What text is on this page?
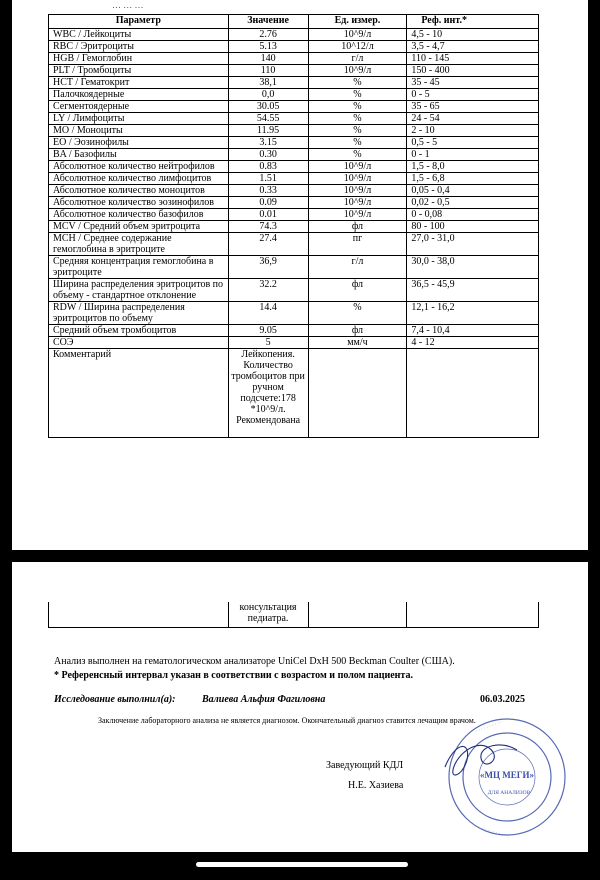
… … …
Параметр	Значение	Ед. измер.	Реф. инт.*
WBC / Лейкоциты	2.76	10^9/л	4,5 - 10
RBC / Эритроциты	5.13	10^12/л	3,5 - 4,7
HGB / Гемоглобин	140	г/л	110 - 145
PLT / Тромбоциты	110	10^9/л	150 - 400
HCT / Гематокрит	38,1	%	35 - 45
Палочкоядерные	0,0	%	0 - 5
Сегментоядерные	30.05	%	35 - 65
LY / Лимфоциты	54.55	%	24 - 54
MO / Моноциты	11.95	%	2 - 10
EO / Эозинофилы	3.15	%	0,5 - 5
BA / Базофилы	0.30	%	0 - 1
Абсолютное количество нейтрофилов	0.83	10^9/л	1,5 - 8,0
Абсолютное количество лимфоцитов	1.51	10^9/л	1,5 - 6,8
Абсолютное количество моноцитов	0.33	10^9/л	0,05 - 0,4
Абсолютное количество эозинофилов	0.09	10^9/л	0,02 - 0,5
Абсолютное количество базофилов	0.01	10^9/л	0 - 0,08
MCV / Средний объем эритроцита	74.3	фл	80 - 100
MCH / Среднее содержание гемоглобина в эритроците	27.4	пг	27,0 - 31,0
Средняя концентрация гемоглобина в эритроците	36,9	г/л	30,0 - 38,0
Ширина распределения эритроцитов по объему - стандартное отклонение	32.2	фл	36,5 - 45,9
RDW / Ширина распределения эритроцитов по объему	14.4	%	12,1 - 16,2
Средний объем тромбоцитов	9.05	фл	7,4 - 10,4
СОЭ	5	мм/ч	4 - 12
Комментарий	Лейкопения. Количество тромбоцитов при ручном подсчете:178 *10^9/л. Рекомендована		
	консультация педиатра.		
Анализ выполнен на гематологическом анализаторе UniCel DxH 500 Beckman Coulter (США).
* Референсный интервал указан в соответствии с возрастом и полом пациента.
Исследование выполнил(а):	Валиева Альфия Фагиловна	06.03.2025
Заключение лабораторного анализа не является диагнозом. Окончательный диагноз ставится лечащим врачом.
Заведующий КДЛ
Н.Е. Хазиева
· · · · · · · · · ·
· · · · · · · · · ·
«МЦ МЕГИ»
ДЛЯ АНАЛИЗОВ
